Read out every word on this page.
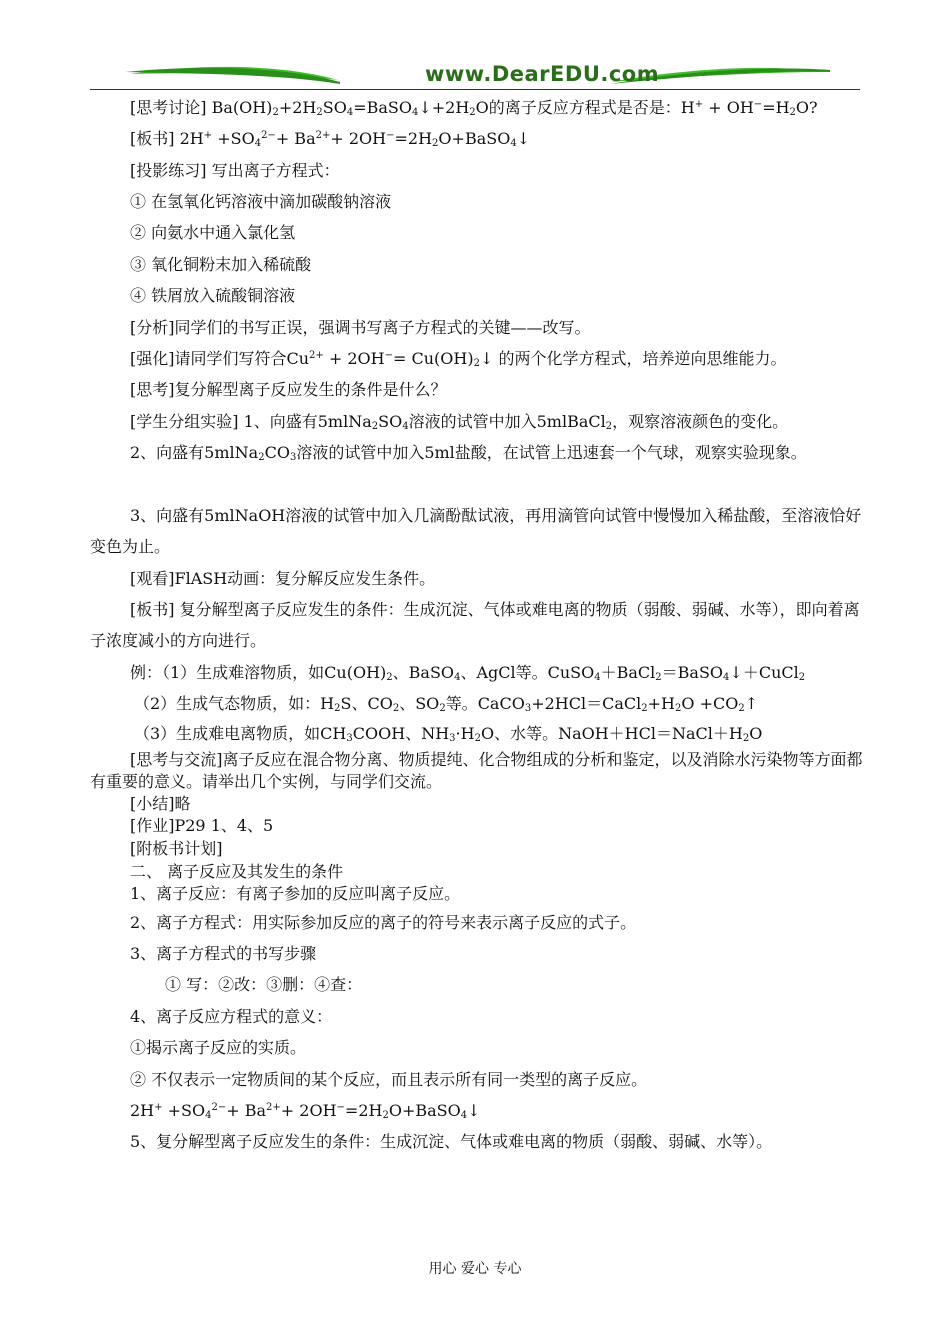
www.DearEDU.com
[思考讨论] $Ba(OH)_2+2H_2SO_4=BaSO_4↓+2H_2O$的离子反应方程式是否是：$H^+ + OH^-=H_2O$?
[板书] $2H^+ +SO_4^{2-}+ Ba^{2+}+$ $2OH^-=2H_2O+BaSO_4↓$
[投影练习] 写出离子方程式：
① 在氢氧化钙溶液中滴加碳酸钠溶液
② 向氨水中通入氯化氢
③ 氧化铜粉末加入稀硫酸
④ 铁屑放入硫酸铜溶液
[分析]同学们的书写正误，强调书写离子方程式的关键——改写。
[强化]请同学们写符合$Cu^{2+} + 2OH^-=$ $Cu(OH)_2↓$ 的两个化学方程式，培养逆向思维能力。
[思考]复分解型离子反应发生的条件是什么？
[学生分组实验] 1、向盛有$5mlNa_2SO_4$溶液的试管中加入5mlBaCl$_2$，观察溶液颜色的变化。
2、向盛有$5mlNa_2CO_3$溶液的试管中加入5ml盐酸，在试管上迅速套一个气球，观察实验现象。
3、向盛有5mlNaOH溶液的试管中加入几滴酚酞试液，再用滴管向试管中慢慢加入稀盐酸，至溶液恰好变色为止。
[观看]FlASH动画：复分解反应发生条件。
[板书] 复分解型离子反应发生的条件：生成沉淀、气体或难电离的物质（弱酸、弱碱、水等），即向着离子浓度减小的方向进行。
例：（1）生成难溶物质，如$Cu(OH)_2$、BaSO$_4$、AgCl等。CuSO$_4$＋BaCl$_2$＝BaSO$_4$↓＋CuCl$_2$
（2）生成气态物质，如：$H_2S$、$CO_2$、$SO_2$等。$CaCO_3+2HCl=CaCl_2+H_2O$ $+CO_2↑$
（3）生成难电离物质，如$CH_3COOH$、$NH_3\cdot H_2O$、水等。$NaOH+HCl=NaCl+H_2O$
[思考与交流]离子反应在混合物分离、物质提纯、化合物组成的分析和鉴定，以及消除水污染物等方面都有重要的意义。请举出几个实例，与同学们交流。
[小结]略
[作业]P29 1、4、5
[附板书计划]
二、 离子反应及其发生的条件
1、离子反应：有离子参加的反应叫离子反应。
2、离子方程式：用实际参加反应的离子的符号来表示离子反应的式子。
3、离子方程式的书写步骤
① 写：②改：③删：④查：
4、离子反应方程式的意义：
①揭示离子反应的实质。
② 不仅表示一定物质间的某个反应，而且表示所有同一类型的离子反应。
$2H^+ +SO_4^{2-}+ Ba^{2+}+$ $2OH^-=2H_2O+BaSO_4↓$
5、复分解型离子反应发生的条件：生成沉淀、气体或难电离的物质（弱酸、弱碱、水等）。
用心 爱心 专心
